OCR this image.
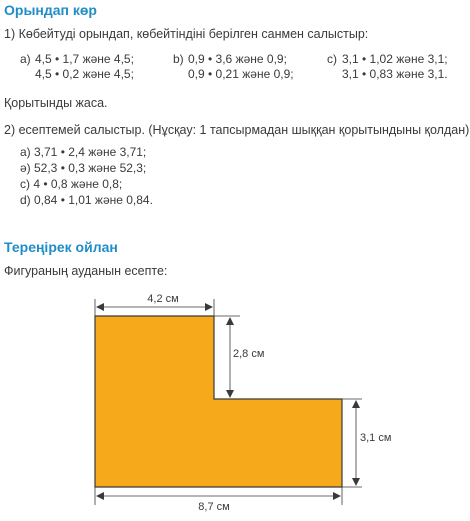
Орындап көр
1) Көбейтуді орындап, көбейтіндіні берілген санмен салыстыр:
a) 4,5 • 1,7 және 4,5;
4,5 • 0,2 және 4,5;
b) 0,9 • 3,6 және 0,9;
0,9 • 0,21 және 0,9;
c) 3,1 • 1,02 және 3,1;
3,1 • 0,83 және 3,1.
Қорытынды жаса.
2) есептемей салыстыр. (Нұсқау: 1 тапсырмадан шыққан қорытындыны қолдан)
a) 3,71 • 2,4 және 3,71;
ә) 52,3 • 0,3 және 52,3;
c) 4 • 0,8 және 0,8;
d) 0,84 • 1,01 және 0,84.
Тереңірек ойлан
Фигураның ауданын есепте:
4,2 см
2,8 см
3,1 см
8,7 см
